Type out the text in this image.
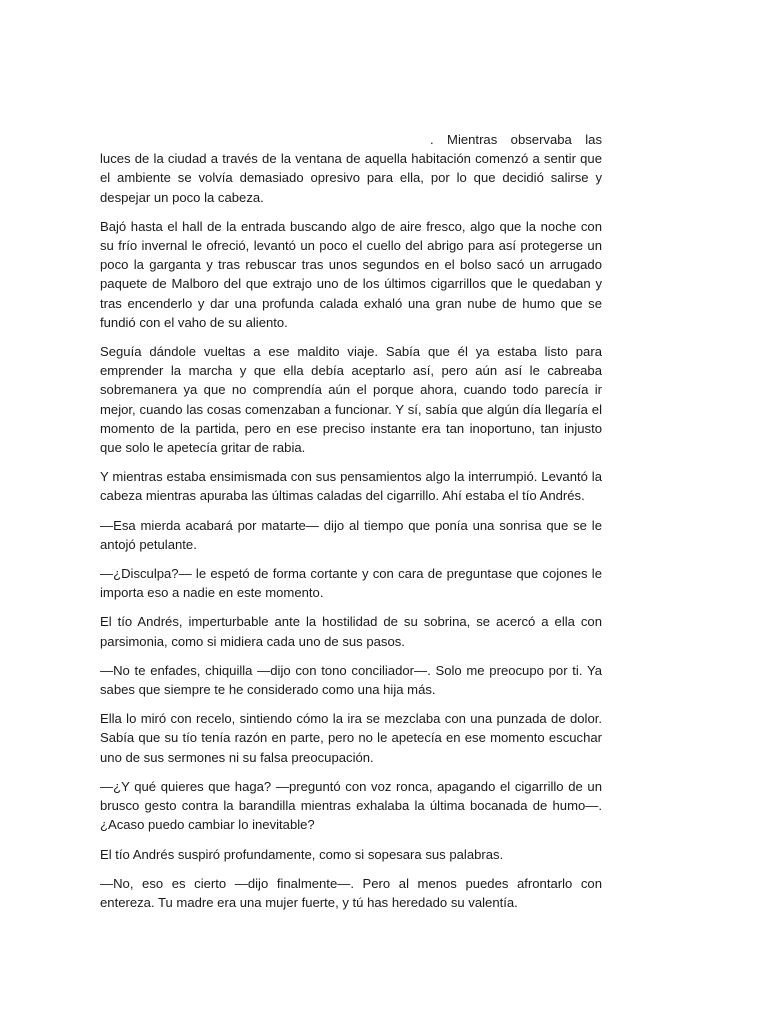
. Mientras observaba las luces de la ciudad a través de la ventana de aquella habitación comenzó a sentir que el ambiente se volvía demasiado opresivo para ella, por lo que decidió salirse y despejar un poco la cabeza.

Bajó hasta el hall de la entrada buscando algo de aire fresco, algo que la noche con su frío invernal le ofreció, levantó un poco el cuello del abrigo para así protegerse un poco la garganta y tras rebuscar tras unos segundos en el bolso sacó un arrugado paquete de Malboro del que extrajo uno de los últimos cigarrillos que le quedaban y tras encenderlo y dar una profunda calada exhaló una gran nube de humo que se fundió con el vaho de su aliento.

Seguía dándole vueltas a ese maldito viaje. Sabía que él ya estaba listo para emprender la marcha y que ella debía aceptarlo así, pero aún así le cabreaba sobremanera ya que no comprendía aún el porque ahora, cuando todo parecía ir mejor, cuando las cosas comenzaban a funcionar. Y sí, sabía que algún día llegaría el momento de la partida, pero en ese preciso instante era tan inoportuno, tan injusto que solo le apetecía gritar de rabia.

Y mientras estaba ensimismada con sus pensamientos algo la interrumpió. Levantó la cabeza mientras apuraba las últimas caladas del cigarrillo. Ahí estaba el tío Andrés.

—Esa mierda acabará por matarte— dijo al tiempo que ponía una sonrisa que se le antojó petulante.

—¿Disculpa?— le espetó de forma cortante y con cara de preguntase que cojones le importa eso a nadie en este momento.

El tío Andrés, imperturbable ante la hostilidad de su sobrina, se acercó a ella con parsimonia, como si midiera cada uno de sus pasos.

—No te enfades, chiquilla —dijo con tono conciliador—. Solo me preocupo por ti. Ya sabes que siempre te he considerado como una hija más.

Ella lo miró con recelo, sintiendo cómo la ira se mezclaba con una punzada de dolor. Sabía que su tío tenía razón en parte, pero no le apetecía en ese momento escuchar uno de sus sermones ni su falsa preocupación.

—¿Y qué quieres que haga? —preguntó con voz ronca, apagando el cigarrillo de un brusco gesto contra la barandilla mientras exhalaba la última bocanada de humo—. ¿Acaso puedo cambiar lo inevitable?

El tío Andrés suspiró profundamente, como si sopesara sus palabras.

—No, eso es cierto —dijo finalmente—. Pero al menos puedes afrontarlo con entereza. Tu madre era una mujer fuerte, y tú has heredado su valentía.
